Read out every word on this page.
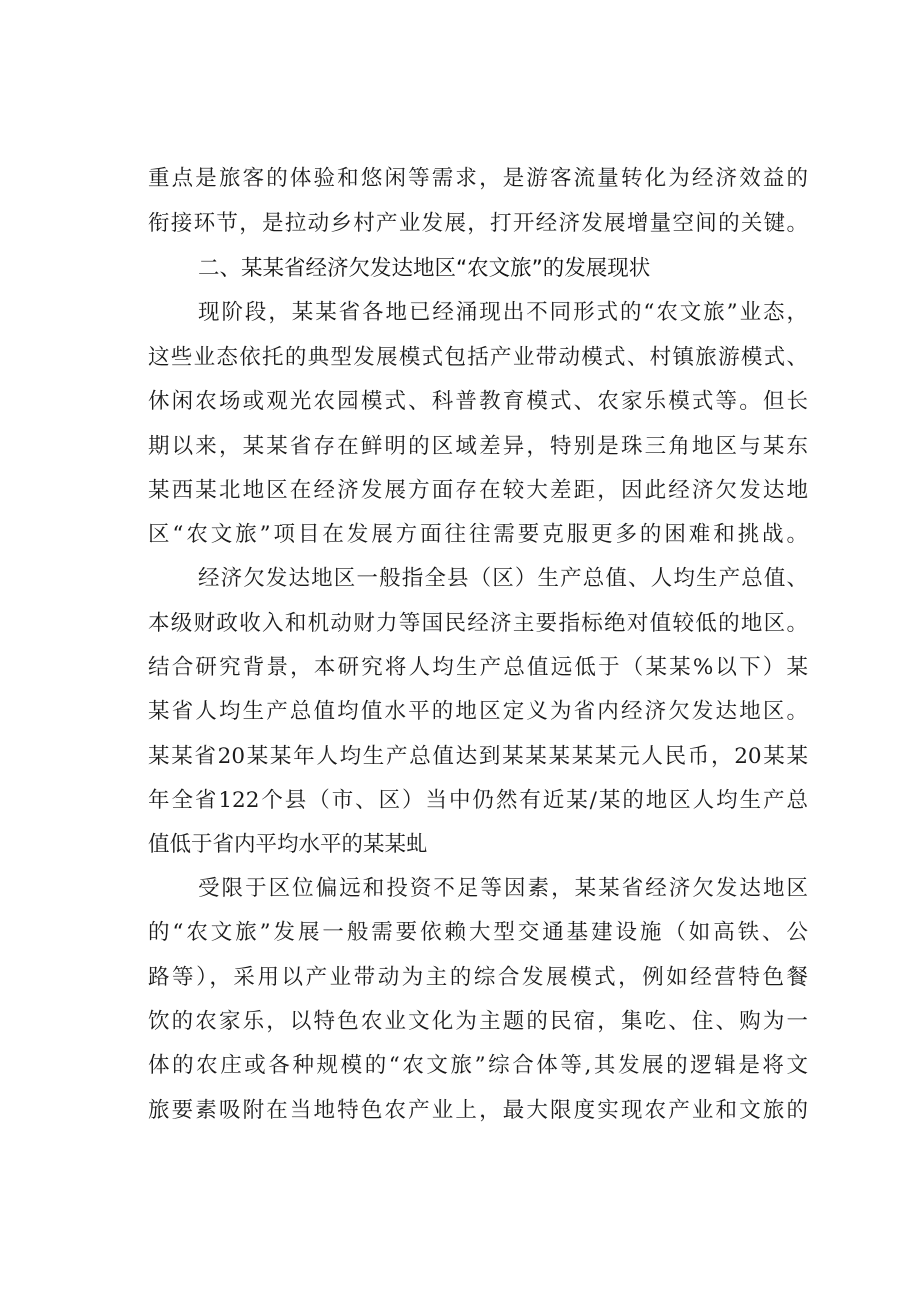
重点是旅客的体验和悠闲等需求，是游客流量转化为经济效益的
衔接环节，是拉动乡村产业发展，打开经济发展增量空间的关键。
二、某某省经济欠发达地区“农文旅”的发展现状
现阶段，某某省各地已经涌现出不同形式的“农文旅”业态，
这些业态依托的典型发展模式包括产业带动模式、村镇旅游模式、
休闲农场或观光农园模式、科普教育模式、农家乐模式等。但长
期以来，某某省存在鲜明的区域差异，特别是珠三角地区与某东
某西某北地区在经济发展方面存在较大差距，因此经济欠发达地
区“农文旅”项目在发展方面往往需要克服更多的困难和挑战。
经济欠发达地区一般指全县（区）生产总值、人均生产总值、
本级财政收入和机动财力等国民经济主要指标绝对值较低的地区。
结合研究背景，本研究将人均生产总值远低于（某某%以下）某
某省人均生产总值均值水平的地区定义为省内经济欠发达地区。
某某省20某某年人均生产总值达到某某某某某元人民币，20某某
年全省122个县（市、区）当中仍然有近某/某的地区人均生产总
值低于省内平均水平的某某虬
受限于区位偏远和投资不足等因素，某某省经济欠发达地区
的“农文旅”发展一般需要依赖大型交通基建设施（如高铁、公
路等），采用以产业带动为主的综合发展模式，例如经营特色餐
饮的农家乐，以特色农业文化为主题的民宿，集吃、住、购为一
体的农庄或各种规模的“农文旅”综合体等,其发展的逻辑是将文
旅要素吸附在当地特色农产业上，最大限度实现农产业和文旅的
